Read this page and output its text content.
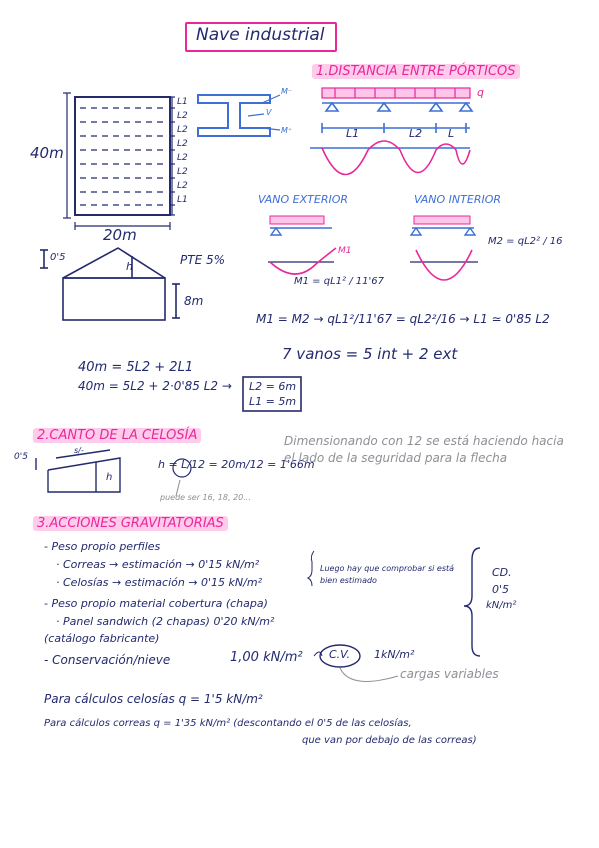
Nave industrial
40m
20m
L1
L2
L2
L2
L2
L2
L2
L1
M⁻
V
M⁺
0'5
h	PTE 5%
8m
1.DISTANCIA ENTRE PÓRTICOS
q
L1	L2 L
VANO EXTERIOR	VANO INTERIOR
M1
M1 = qL1² / 11'67
M2 = qL2² / 16
M1 = M2 → qL1²/11'67 = qL2²/16 → L1 ≃ 0'85 L2
7 vanos = 5 int + 2 ext
40m = 5L2 + 2L1
40m = 5L2 + 2·0'85 L2 → L2 = 6m
L1 = 5m
2.CANTO DE LA CELOSÍA
0'5
s/-
h
h = L/12 = 20m/12 = 1'66m
puede ser 16, 18, 20...
Dimensionando con 12 se está haciendo hacia el lado de la seguridad para la flecha
3.ACCIONES GRAVITATORIAS
- Peso propio perfiles
· Correas → estimación → 0'15 kN/m²
· Celosías → estimación → 0'15 kN/m²
Luego hay que comprobar si está bien estimado
- Peso propio material cobertura (chapa)
· Panel sandwich (2 chapas) 0'20 kN/m²
(catálogo fabricante)
CD.
0'5
kN/m²
- Conservación/nieve	1,00 kN/m² C.V. 1kN/m²
cargas variables
Para cálculos celosías q = 1'5 kN/m²
Para cálculos correas q = 1'35 kN/m² (descontando el 0'5 de las celosías,
que van por debajo de las correas)
